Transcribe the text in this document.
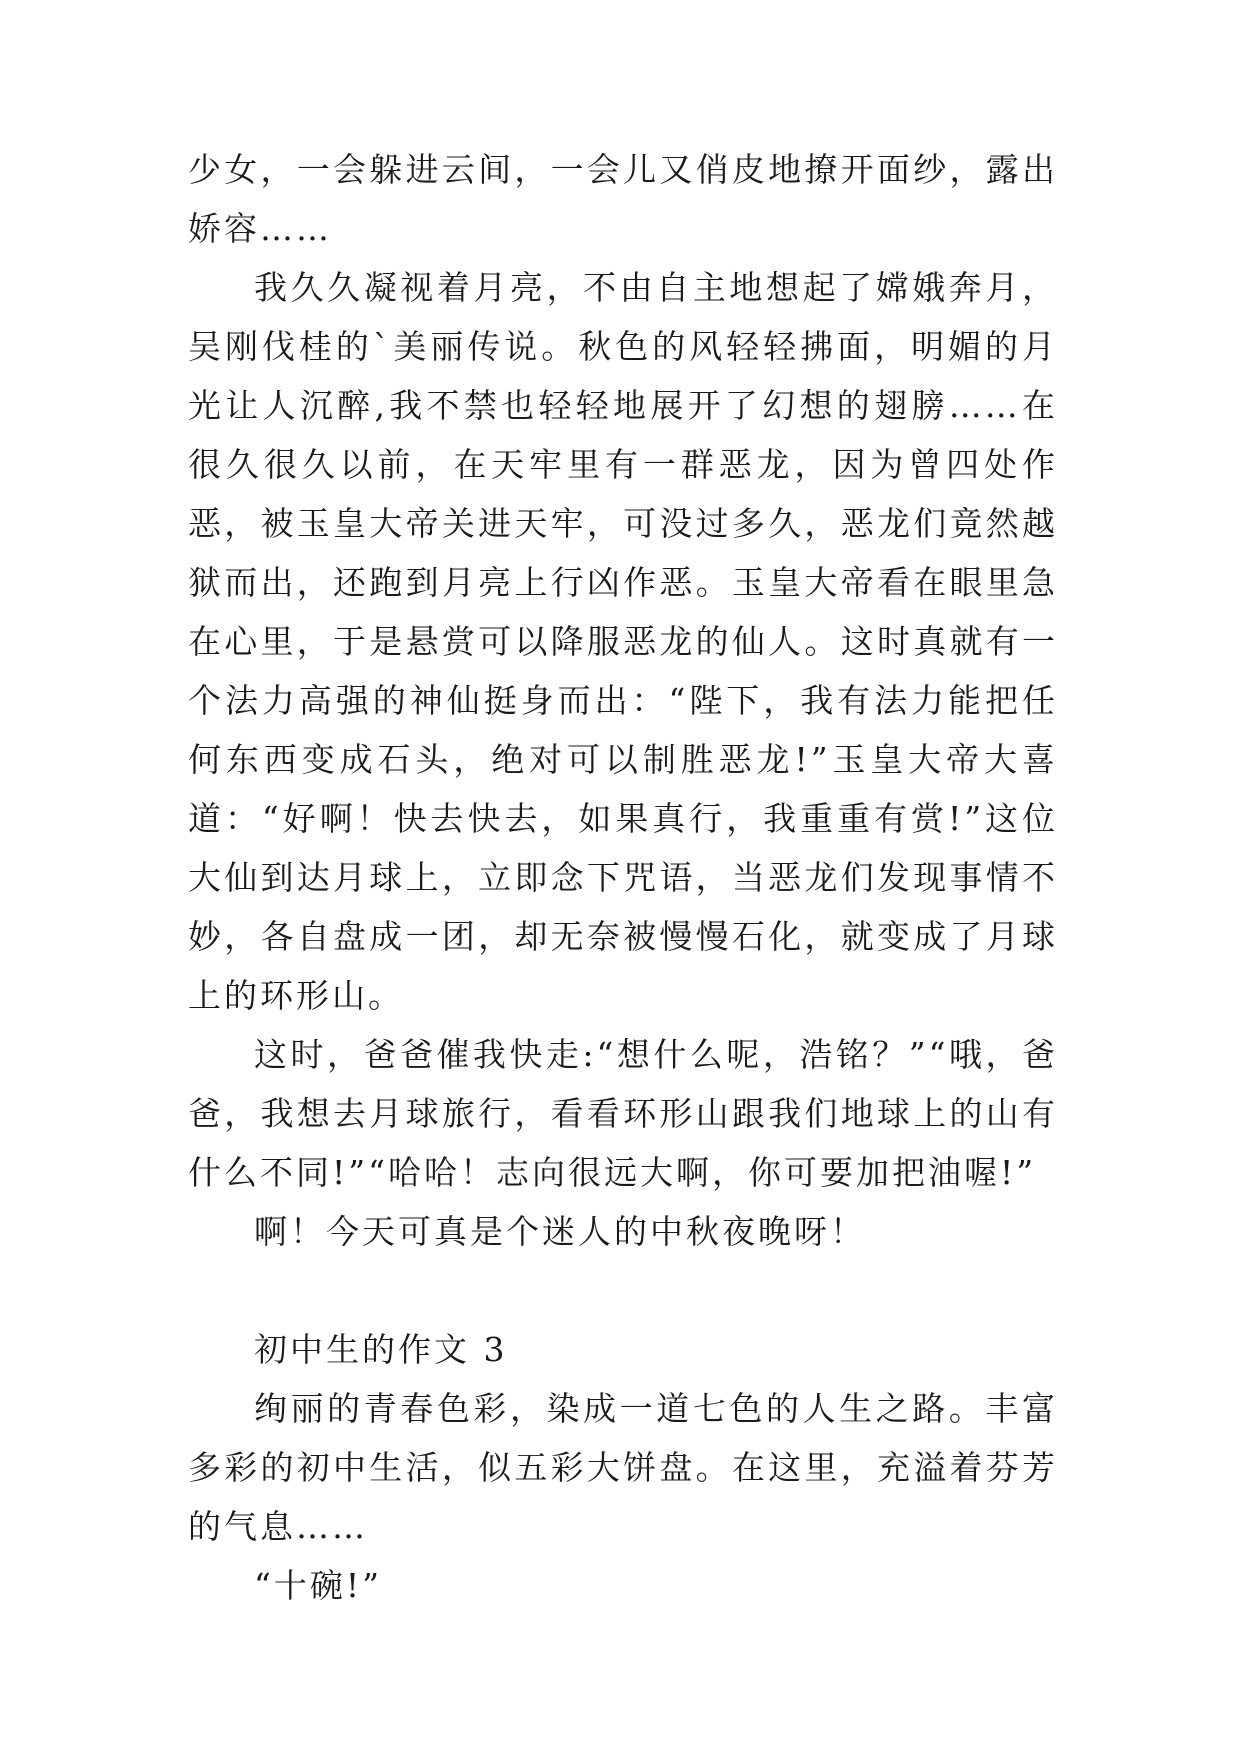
少女，一会躲进云间，一会儿又俏皮地撩开面纱，露出娇容……

我久久凝视着月亮，不由自主地想起了嫦娥奔月，吴刚伐桂的`美丽传说。秋色的风轻轻拂面，明媚的月光让人沉醉,我不禁也轻轻地展开了幻想的翅膀……在很久很久以前，在天牢里有一群恶龙，因为曾四处作恶，被玉皇大帝关进天牢，可没过多久，恶龙们竟然越狱而出，还跑到月亮上行凶作恶。玉皇大帝看在眼里急在心里，于是悬赏可以降服恶龙的仙人。这时真就有一个法力高强的神仙挺身而出：“陛下，我有法力能把任何东西变成石头，绝对可以制胜恶龙!”玉皇大帝大喜道：“好啊！快去快去，如果真行，我重重有赏!”这位大仙到达月球上，立即念下咒语，当恶龙们发现事情不妙，各自盘成一团，却无奈被慢慢石化，就变成了月球上的环形山。

这时，爸爸催我快走:“想什么呢，浩铭？”“哦，爸爸，我想去月球旅行，看看环形山跟我们地球上的山有什么不同!”“哈哈！志向很远大啊，你可要加把油喔!”

啊！今天可真是个迷人的中秋夜晚呀！

初中生的作文 3

绚丽的青春色彩，染成一道七色的人生之路。丰富多彩的初中生活，似五彩大饼盘。在这里，充溢着芬芳的气息……

“十碗!”
